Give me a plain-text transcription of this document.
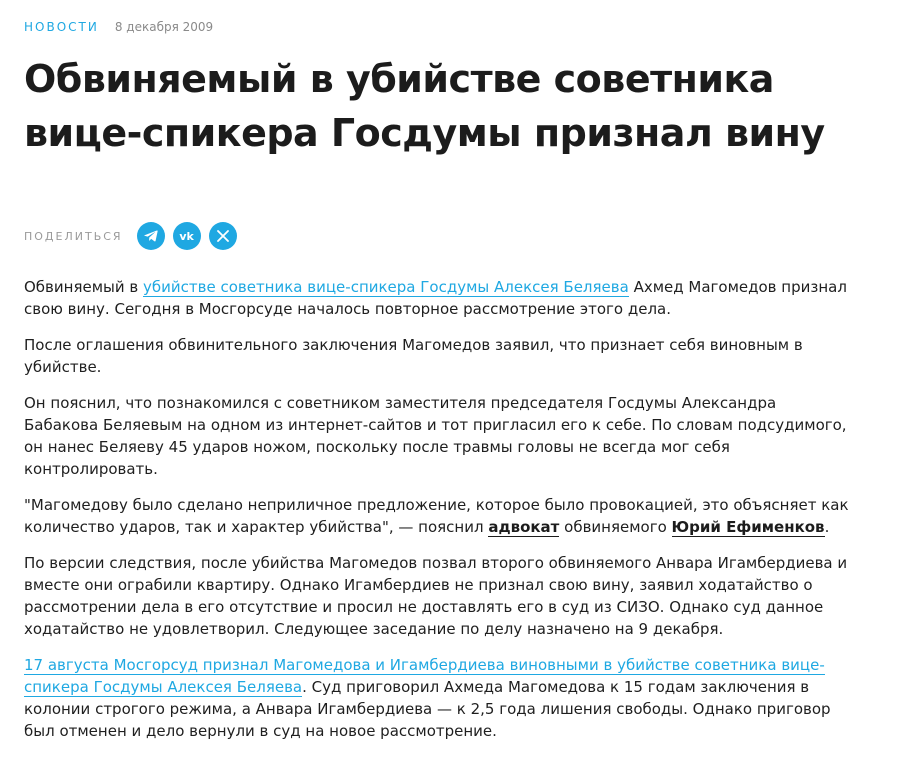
НОВОСТИ 8 декабря 2009
Обвиняемый в убийстве советника вице-спикера Госдумы признал вину
ПОДЕЛИТЬСЯ	vk

Обвиняемый в убийстве советника вице-спикера Госдумы Алексея Беляева Ахмед Магомедов признал свою вину. Сегодня в Мосгорсуде началось повторное рассмотрение этого дела.

После оглашения обвинительного заключения Магомедов заявил, что признает себя виновным в убийстве.

Он пояснил, что познакомился с советником заместителя председателя Госдумы Александра Бабакова Беляевым на одном из интернет-сайтов и тот пригласил его к себе. По словам подсудимого, он нанес Беляеву 45 ударов ножом, поскольку после травмы головы не всегда мог себя контролировать.

"Магомедову было сделано неприличное предложение, которое было провокацией, это объясняет как количество ударов, так и характер убийства", — пояснил адвокат обвиняемого Юрий Ефименков.

По версии следствия, после убийства Магомедов позвал второго обвиняемого Анвара Игамбердиева и вместе они ограбили квартиру. Однако Игамбердиев не признал свою вину, заявил ходатайство о рассмотрении дела в его отсутствие и просил не доставлять его в суд из СИЗО. Однако суд данное ходатайство не удовлетворил. Следующее заседание по делу назначено на 9 декабря.

17 августа Мосгорсуд признал Магомедова и Игамбердиева виновными в убийстве советника вице-спикера Госдумы Алексея Беляева. Суд приговорил Ахмеда Магомедова к 15 годам заключения в колонии строгого режима, а Анвара Игамбердиева — к 2,5 года лишения свободы. Однако приговор был отменен и дело вернули в суд на новое рассмотрение.
